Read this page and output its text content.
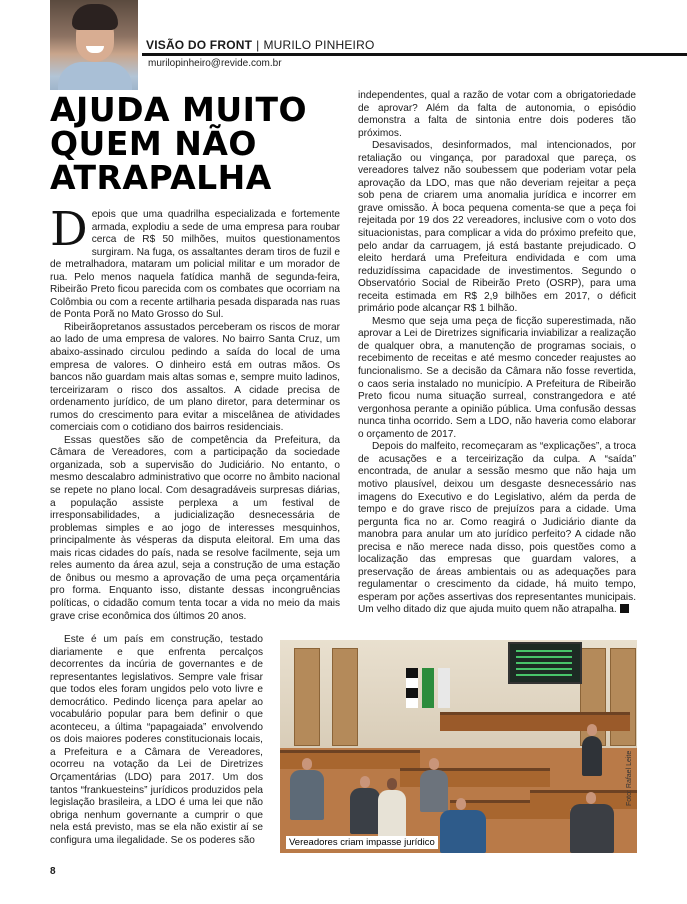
VISÃO DO FRONT | MURILO PINHEIRO
murilopinheiro@revide.com.br
AJUDA MUITO
QUEM NÃO
ATRAPALHA

Depois que uma quadrilha especializada e fortemente armada, explodiu a sede de uma empresa para roubar cerca de R$ 50 milhões, muitos questionamentos surgiram. Na fuga, os assaltantes deram tiros de fuzil e de metralhadora, mataram um policial militar e um morador de rua. Pelo menos naquela fatídica manhã de segunda-feira, Ribeirão Preto ficou parecida com os combates que ocorriam na Colômbia ou com a recente artilharia pesada disparada nas ruas de Ponta Porã no Mato Grosso do Sul.

Ribeirãopretanos assustados perceberam os riscos de morar ao lado de uma empresa de valores. No bairro Santa Cruz, um abaixo-assinado circulou pedindo a saída do local de uma empresa de valores. O dinheiro está em outras mãos. Os bancos não guardam mais altas somas e, sempre muito ladinos, terceirizaram o risco dos assaltos. A cidade precisa de ordenamento jurídico, de um plano diretor, para determinar os rumos do crescimento para evitar a miscelânea de atividades comerciais com o cotidiano dos bairros residenciais.

Essas questões são de competência da Prefeitura, da Câmara de Vereadores, com a participação da sociedade organizada, sob a supervisão do Judiciário. No entanto, o mesmo descalabro administrativo que ocorre no âmbito nacional se repete no plano local. Com desagradáveis surpresas diárias, a população assiste perplexa a um festival de irresponsabilidades, a judicialização desnecessária de problemas simples e ao jogo de interesses mesquinhos, principalmente às vésperas da disputa eleitoral. Em uma das mais ricas cidades do país, nada se resolve facilmente, seja um reles aumento da área azul, seja a construção de uma estação de ônibus ou mesmo a aprovação de uma peça orçamentária pro forma. Enquanto isso, distante dessas incongruências políticas, o cidadão comum tenta tocar a vida no meio da mais grave crise econômica dos últimos 20 anos.

Este é um país em construção, testado diariamente e que enfrenta percalços decorrentes da incúria de governantes e de representantes legislativos. Sempre vale frisar que todos eles foram ungidos pelo voto livre e democrático. Pedindo licença para apelar ao vocabulário popular para bem definir o que aconteceu, a última “papagaiada” envolvendo os dois maiores poderes constitucionais locais, a Prefeitura e a Câmara de Vereadores, ocorreu na votação da Lei de Diretrizes Orçamentárias (LDO) para 2017. Um dos tantos “frankuesteins” jurídicos produzidos pela legislação brasileira, a LDO é uma lei que não obriga nenhum governante a cumprir o que nela está previsto, mas se ela não existir aí se configura uma ilegalidade. Se os poderes são

independentes, qual a razão de votar com a obrigatoriedade de aprovar? Além da falta de autonomia, o episódio demonstra a falta de sintonia entre dois poderes tão próximos.

Desavisados, desinformados, mal intencionados, por retaliação ou vingança, por paradoxal que pareça, os vereadores talvez não soubessem que poderiam votar pela aprovação da LDO, mas que não deveriam rejeitar a peça sob pena de criarem uma anomalia jurídica e incorrer em grave omissão. À boca pequena comenta-se que a peça foi rejeitada por 19 dos 22 vereadores, inclusive com o voto dos situacionistas, para complicar a vida do próximo prefeito que, pelo andar da carruagem, já está bastante prejudicado. O eleito herdará uma Prefeitura endividada e com uma reduzidíssima capacidade de investimentos. Segundo o Observatório Social de Ribeirão Preto (OSRP), para uma receita estimada em R$ 2,9 bilhões em 2017, o déficit primário pode alcançar R$ 1 bilhão.

Mesmo que seja uma peça de ficção superestimada, não aprovar a Lei de Diretrizes significaria inviabilizar a realização de qualquer obra, a manutenção de programas sociais, o recebimento de receitas e até mesmo conceder reajustes ao funcionalismo. Se a decisão da Câmara não fosse revertida, o caos seria instalado no município. A Prefeitura de Ribeirão Preto ficou numa situação surreal, constrangedora e até vergonhosa perante a opinião pública. Uma confusão dessas nunca tinha ocorrido. Sem a LDO, não haveria como elaborar o orçamento de 2017.

Depois do malfeito, recomeçaram as “explicações”, a troca de acusações e a terceirização da culpa. A “saída” encontrada, de anular a sessão mesmo que não haja um motivo plausível, deixou um desgaste desnecessário nas imagens do Executivo e do Legislativo, além da perda de tempo e do grave risco de prejuízos para a cidade. Uma pergunta fica no ar. Como reagirá o Judiciário diante da manobra para anular um ato jurídico perfeito? A cidade não precisa e não merece nada disso, pois questões como a localização das empresas que guardam valores, a preservação de áreas ambientais ou as adequações para regulamentar o crescimento da cidade, há muito tempo, esperam por ações assertivas dos representantes municipais. Um velho ditado diz que ajuda muito quem não atrapalha.

Vereadores criam impasse jurídico
Foto: Rafael Leite
8
